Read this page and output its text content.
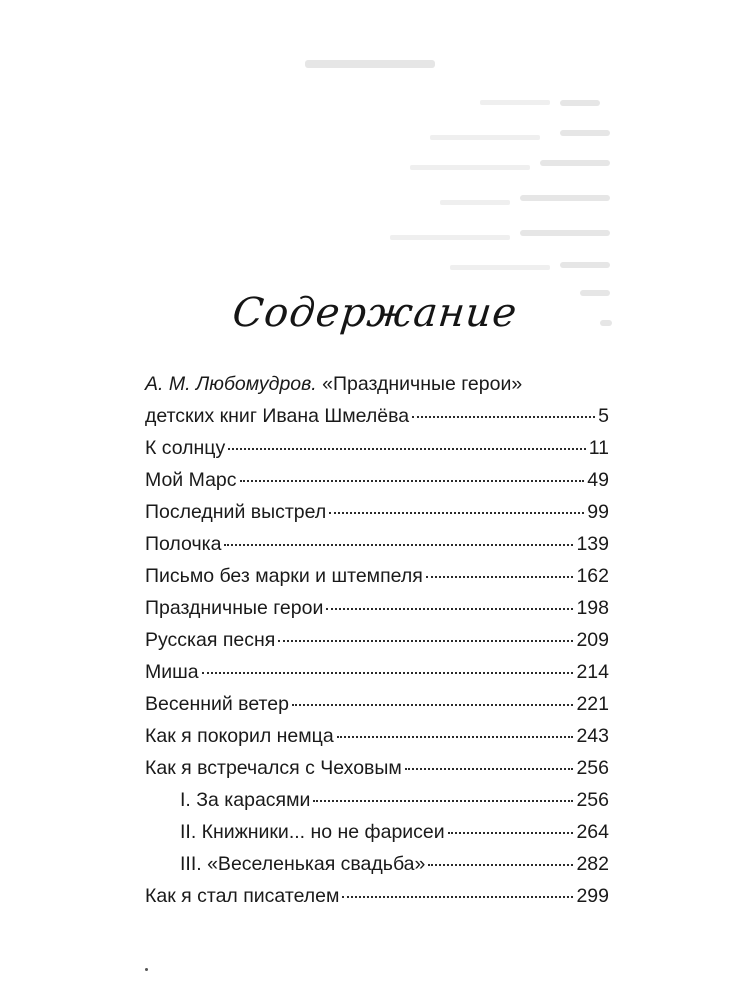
Содержание
А. М. Любомудров. «Праздничные герои»
детских книг Ивана Шмелёва	5
К солнцу	11
Мой Марс	49
Последний выстрел	99
Полочка	139
Письмо без марки и штемпеля	162
Праздничные герои	198
Русская песня	209
Миша	214
Весенний ветер	221
Как я покорил немца	243
Как я встречался с Чеховым	256
I. За карасями	256
II. Книжники... но не фарисеи	264
III. «Веселенькая свадьба»	282
Как я стал писателем	299
